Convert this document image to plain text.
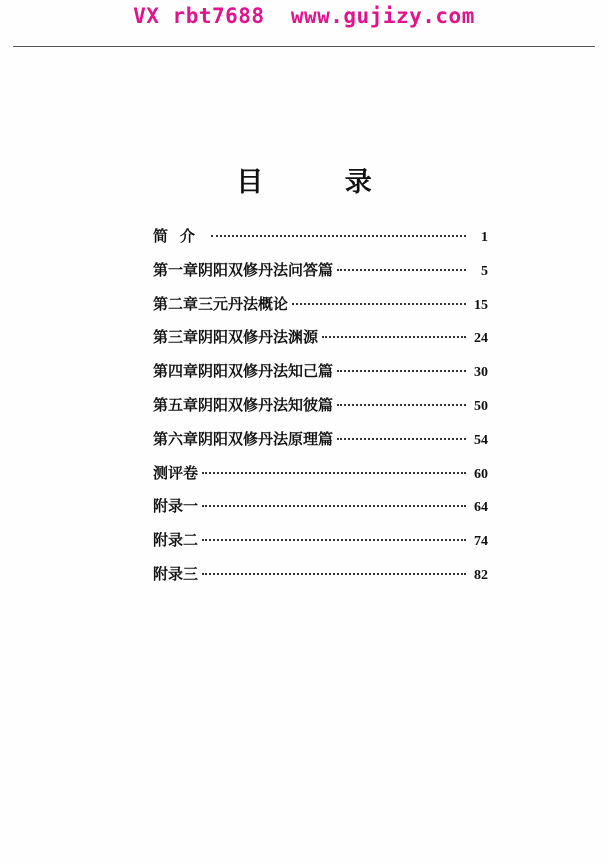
VX rbt7688  www.gujizy.com
目 录
简介	1
第一章阴阳双修丹法问答篇	5
第二章三元丹法概论	15
第三章阴阳双修丹法渊源	24
第四章阴阳双修丹法知己篇	30
第五章阴阳双修丹法知彼篇	50
第六章阴阳双修丹法原理篇	54
测评卷	60
附录一	64
附录二	74
附录三	82
